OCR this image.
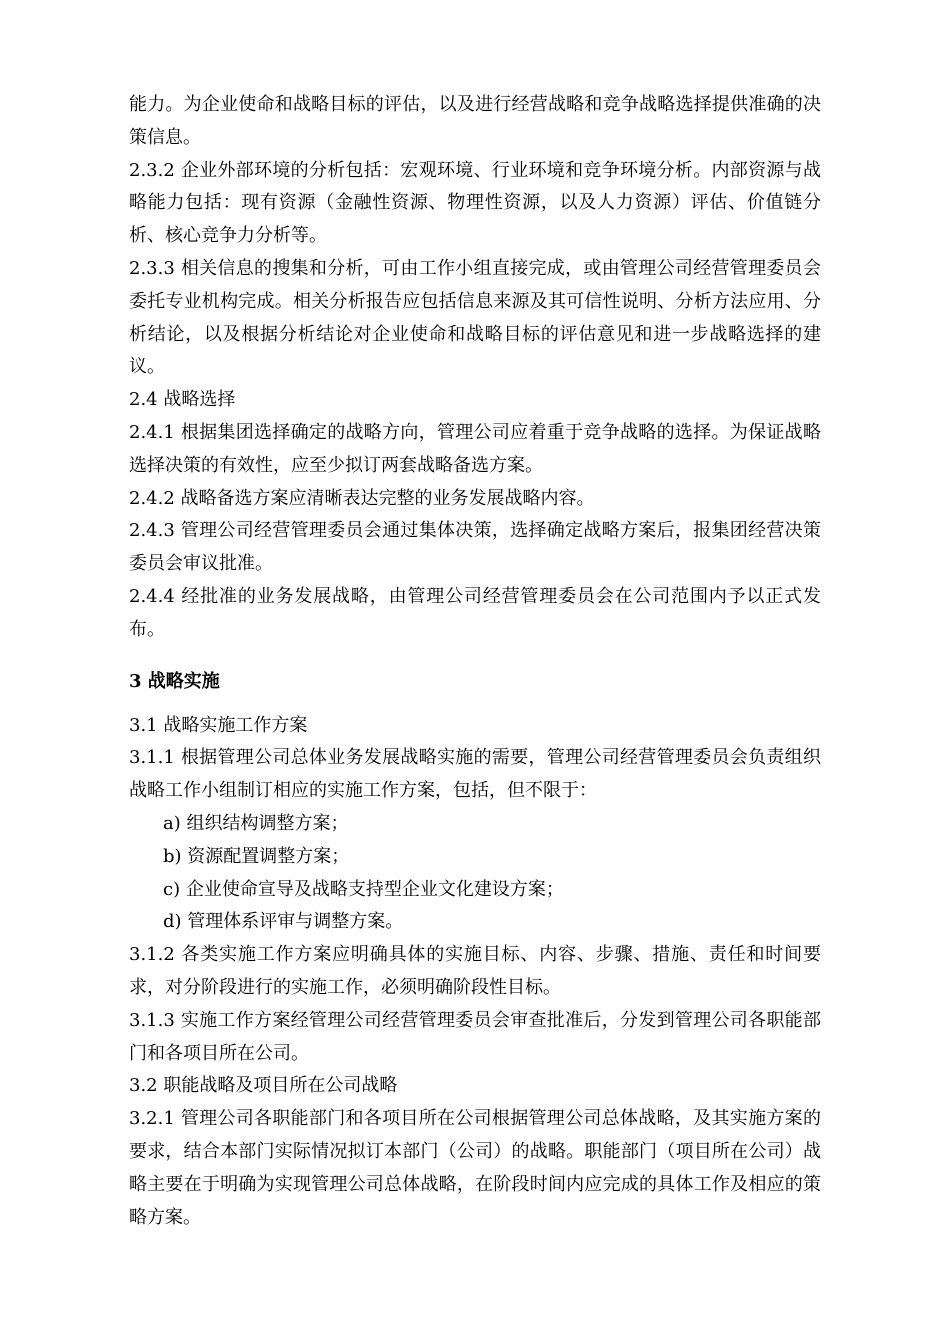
能力。为企业使命和战略目标的评估，以及进行经营战略和竞争战略选择提供准确的决策信息。

2.3.2 企业外部环境的分析包括：宏观环境、行业环境和竞争环境分析。内部资源与战略能力包括：现有资源（金融性资源、物理性资源，以及人力资源）评估、价值链分析、核心竞争力分析等。

2.3.3 相关信息的搜集和分析，可由工作小组直接完成，或由管理公司经营管理委员会委托专业机构完成。相关分析报告应包括信息来源及其可信性说明、分析方法应用、分析结论，以及根据分析结论对企业使命和战略目标的评估意见和进一步战略选择的建议。

2.4 战略选择

2.4.1 根据集团选择确定的战略方向，管理公司应着重于竞争战略的选择。为保证战略选择决策的有效性，应至少拟订两套战略备选方案。

2.4.2 战略备选方案应清晰表达完整的业务发展战略内容。

2.4.3 管理公司经营管理委员会通过集体决策，选择确定战略方案后，报集团经营决策委员会审议批准。

2.4.4 经批准的业务发展战略，由管理公司经营管理委员会在公司范围内予以正式发布。

3 战略实施

3.1 战略实施工作方案

3.1.1 根据管理公司总体业务发展战略实施的需要，管理公司经营管理委员会负责组织战略工作小组制订相应的实施工作方案，包括，但不限于：

a) 组织结构调整方案；

b) 资源配置调整方案；

c) 企业使命宣导及战略支持型企业文化建设方案；

d) 管理体系评审与调整方案。

3.1.2 各类实施工作方案应明确具体的实施目标、内容、步骤、措施、责任和时间要求，对分阶段进行的实施工作，必须明确阶段性目标。

3.1.3 实施工作方案经管理公司经营管理委员会审查批准后，分发到管理公司各职能部门和各项目所在公司。

3.2 职能战略及项目所在公司战略

3.2.1 管理公司各职能部门和各项目所在公司根据管理公司总体战略，及其实施方案的要求，结合本部门实际情况拟订本部门（公司）的战略。职能部门（项目所在公司）战略主要在于明确为实现管理公司总体战略，在阶段时间内应完成的具体工作及相应的策略方案。
